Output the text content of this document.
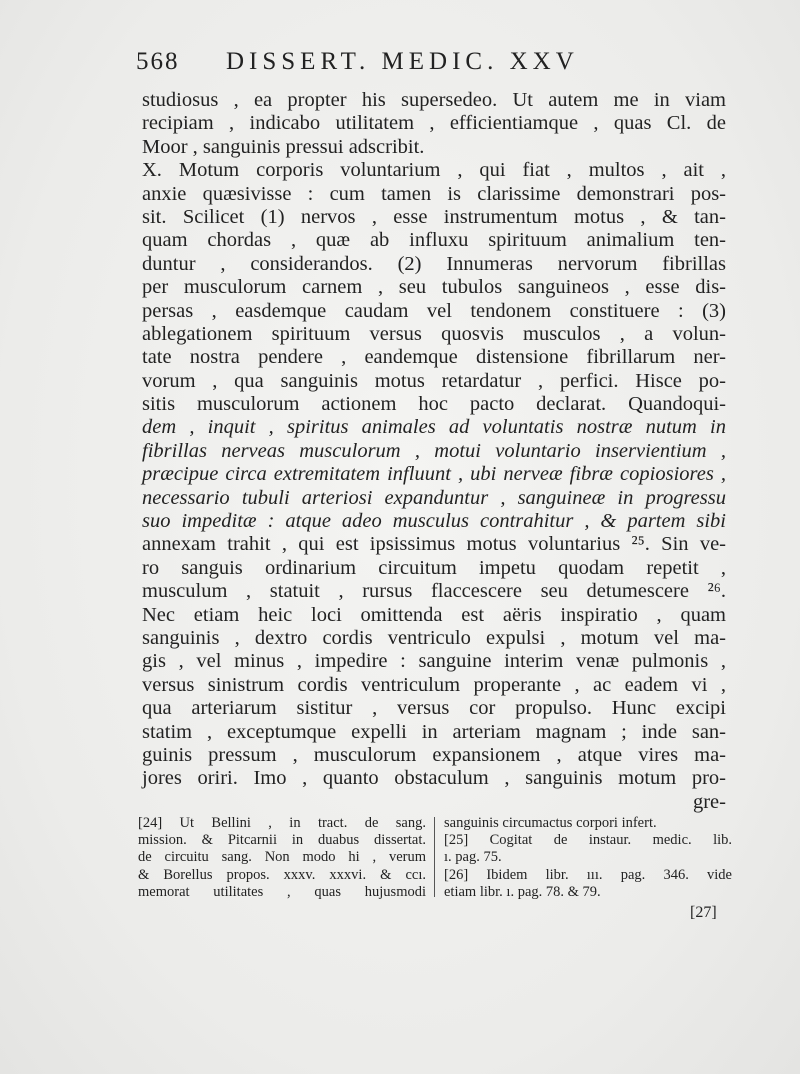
568 DISSERT. MEDIC. XXV
studiosus , ea propter his supersedeo. Ut autem me in viam
recipiam , indicabo utilitatem , efficientiamque , quas Cl. de
Moor , sanguinis pressui adscribit.
X. Motum corporis voluntarium , qui fiat , multos , ait ,
anxie quæsivisse : cum tamen is clarissime demonstrari pos-
sit. Scilicet (1) nervos , esse instrumentum motus , & tan-
quam chordas , quæ ab influxu spirituum animalium ten-
duntur , considerandos. (2) Innumeras nervorum fibrillas
per musculorum carnem , seu tubulos sanguineos , esse dis-
persas , easdemque caudam vel tendonem constituere : (3)
ablegationem spirituum versus quosvis musculos , a volun-
tate nostra pendere , eandemque distensione fibrillarum ner-
vorum , qua sanguinis motus retardatur , perfici. Hisce po-
sitis musculorum actionem hoc pacto declarat. Quandoqui-
dem , inquit , spiritus animales ad voluntatis nostræ nutum in
fibrillas nerveas musculorum , motui voluntario inservientium ,
præcipue circa extremitatem influunt , ubi nerveæ fibræ copiosiores ,
necessario tubuli arteriosi expanduntur , sanguineæ in progressu
suo impeditæ : atque adeo musculus contrahitur , & partem sibi
annexam trahit , qui est ipsissimus motus voluntarius ²⁵. Sin ve-
ro sanguis ordinarium circuitum impetu quodam repetit ,
musculum , statuit , rursus flaccescere seu detumescere ²⁶.
Nec etiam heic loci omittenda est aëris inspiratio , quam
sanguinis , dextro cordis ventriculo expulsi , motum vel ma-
gis , vel minus , impedire : sanguine interim venæ pulmonis ,
versus sinistrum cordis ventriculum properante , ac eadem vi ,
qua arteriarum sistitur , versus cor propulso. Hunc excipi
statim , exceptumque expelli in arteriam magnam ; inde san-
guinis pressum , musculorum expansionem , atque vires ma-
jores oriri. Imo , quanto obstaculum , sanguinis motum pro-
gre-
[24] Ut Bellini , in tract. de sang.
mission. & Pitcarnii in duabus dissertat.
de circuitu sang. Non modo hi , verum
& Borellus propos. xxxv. xxxvi. & ccı.
memorat utilitates , quas hujusmodi
sanguinis circumactus corpori infert.
[25] Cogitat de instaur. medic. lib.
ı. pag. 75.
[26] Ibidem libr. ııı. pag. 346. vide
etiam libr. ı. pag. 78. & 79.
[27]
